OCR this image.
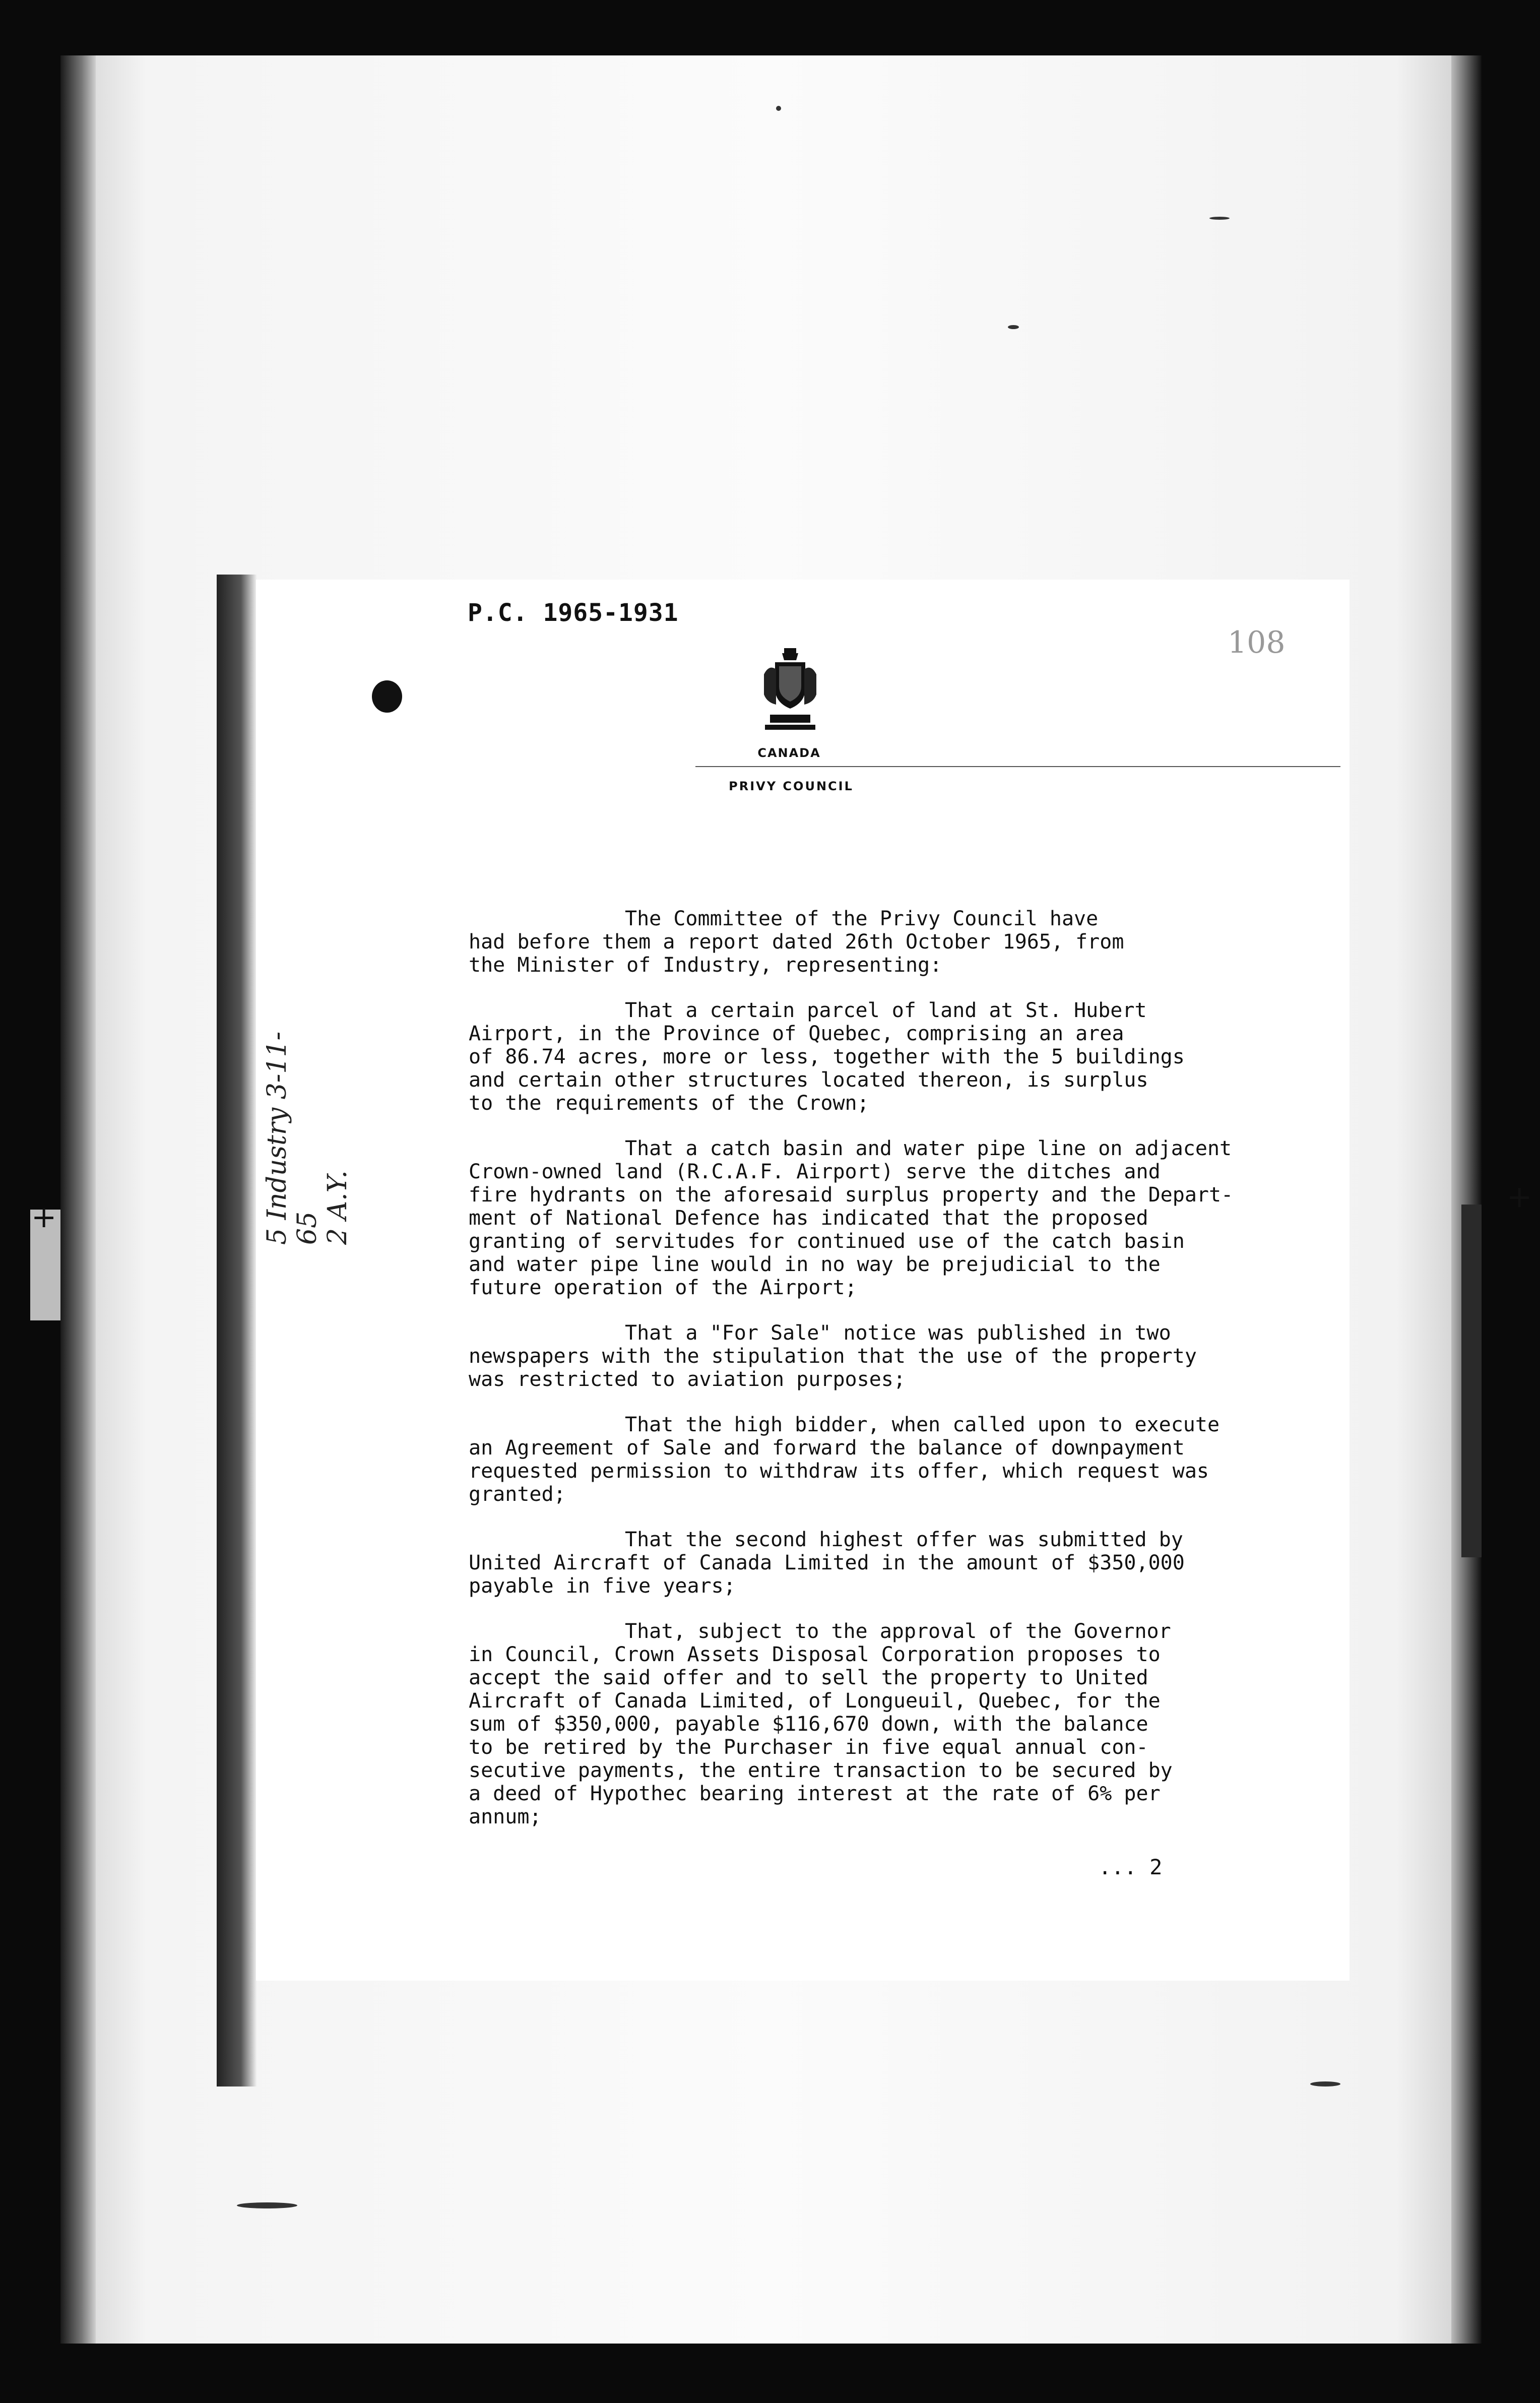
+
+

P.C. 1965-1931

108

CANADA

PRIVY COUNCIL

The Committee of the Privy Council have
had before them a report dated 26th October 1965, from
the Minister of Industry, representing:

That a certain parcel of land at St. Hubert
Airport, in the Province of Quebec, comprising an area
of 86.74 acres, more or less, together with the 5 buildings
and certain other structures located thereon, is surplus
to the requirements of the Crown;

That a catch basin and water pipe line on adjacent
Crown-owned land (R.C.A.F. Airport) serve the ditches and
fire hydrants on the aforesaid surplus property and the Depart-
ment of National Defence has indicated that the proposed
granting of servitudes for continued use of the catch basin
and water pipe line would in no way be prejudicial to the
future operation of the Airport;

That a "For Sale" notice was published in two
newspapers with the stipulation that the use of the property
was restricted to aviation purposes;

That the high bidder, when called upon to execute
an Agreement of Sale and forward the balance of downpayment
requested permission to withdraw its offer, which request was
granted;

That the second highest offer was submitted by
United Aircraft of Canada Limited in the amount of $350,000
payable in five years;

That, subject to the approval of the Governor
in Council, Crown Assets Disposal Corporation proposes to
accept the said offer and to sell the property to United
Aircraft of Canada Limited, of Longueuil, Quebec, for the
sum of $350,000, payable $116,670 down, with the balance
to be retired by the Purchaser in five equal annual con-
secutive payments, the entire transaction to be secured by
a deed of Hypothec bearing interest at the rate of 6% per
annum;

... 2

5 Industry 3-11-65
2 A.Y.
